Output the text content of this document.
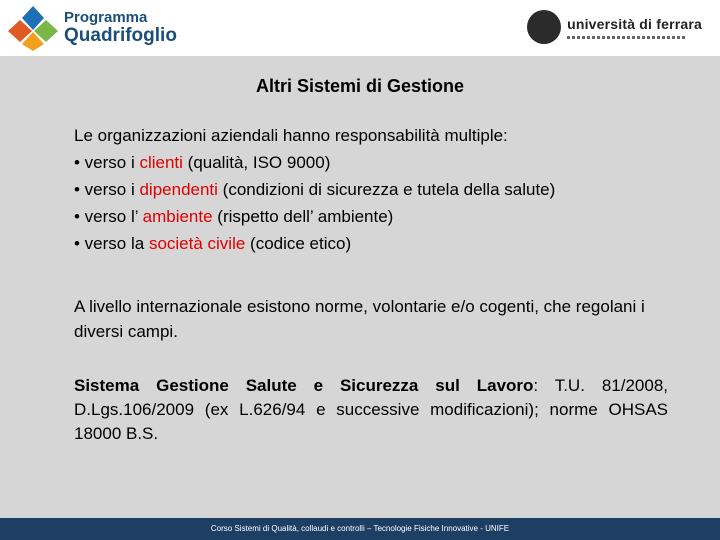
Programma
Quadrifoglio
università di ferrara
Altri Sistemi di Gestione
Le organizzazioni aziendali hanno responsabilità multiple:
• verso i clienti (qualità, ISO 9000)
• verso i dipendenti (condizioni di sicurezza e tutela della salute)
• verso l’ ambiente (rispetto dell’ ambiente)
• verso la società civile (codice etico)
A livello internazionale esistono norme, volontarie e/o cogenti, che regolani i diversi campi.
Sistema Gestione Salute e Sicurezza sul Lavoro: T.U. 81/2008, D.Lgs.106/2009 (ex L.626/94 e successive modificazioni); norme OHSAS 18000 B.S.
Corso Sistemi di Qualità, collaudi e controlli – Tecnologie Fisiche Innovative - UNIFE
